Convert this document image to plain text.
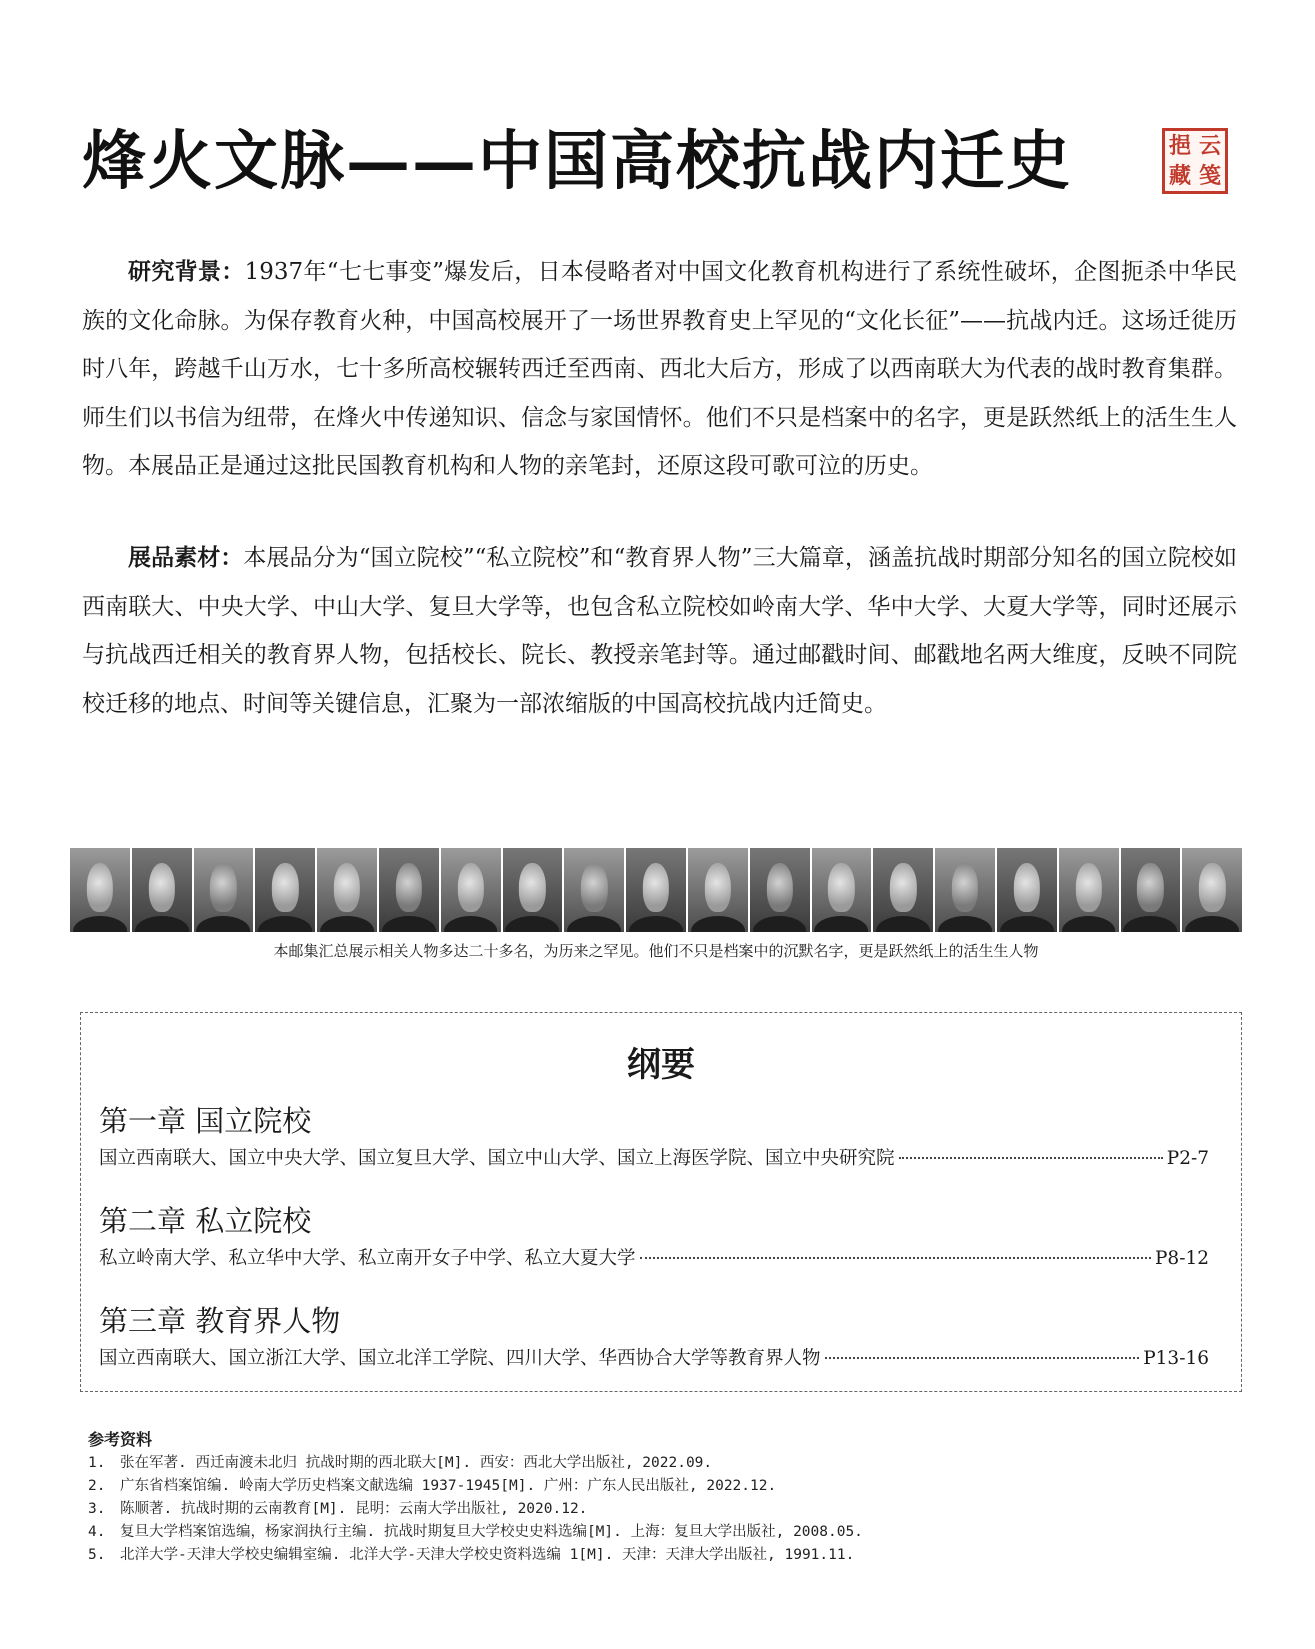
烽火文脉——中国高校抗战内迁史	挹 云
藏 笺

研究背景：1937年“七七事变”爆发后，日本侵略者对中国文化教育机构进行了系统性破坏，企图扼杀中华民族的文化命脉。为保存教育火种，中国高校展开了一场世界教育史上罕见的“文化长征”——抗战内迁。这场迁徙历时八年，跨越千山万水，七十多所高校辗转西迁至西南、西北大后方，形成了以西南联大为代表的战时教育集群。师生们以书信为纽带，在烽火中传递知识、信念与家国情怀。他们不只是档案中的名字，更是跃然纸上的活生生人物。本展品正是通过这批民国教育机构和人物的亲笔封，还原这段可歌可泣的历史。

展品素材：本展品分为“国立院校”“私立院校”和“教育界人物”三大篇章，涵盖抗战时期部分知名的国立院校如西南联大、中央大学、中山大学、复旦大学等，也包含私立院校如岭南大学、华中大学、大夏大学等，同时还展示与抗战西迁相关的教育界人物，包括校长、院长、教授亲笔封等。通过邮戳时间、邮戳地名两大维度，反映不同院校迁移的地点、时间等关键信息，汇聚为一部浓缩版的中国高校抗战内迁简史。

本邮集汇总展示相关人物多达二十多名，为历来之罕见。他们不只是档案中的沉默名字，更是跃然纸上的活生生人物
纲要
第一章 国立院校
国立西南联大、国立中央大学、国立复旦大学、国立中山大学、国立上海医学院、国立中央研究院	P2-7
第二章 私立院校
私立岭南大学、私立华中大学、私立南开女子中学、私立大夏大学	P8-12
第三章 教育界人物
国立西南联大、国立浙江大学、国立北洋工学院、四川大学、华西协合大学等教育界人物	P13-16
参考资料
1. 张在军著. 西迁南渡未北归 抗战时期的西北联大[M]. 西安：西北大学出版社, 2022.09.
2. 广东省档案馆编. 岭南大学历史档案文献选编 1937-1945[M]. 广州：广东人民出版社, 2022.12.
3. 陈顺著. 抗战时期的云南教育[M]. 昆明：云南大学出版社, 2020.12.
4. 复旦大学档案馆选编，杨家润执行主编. 抗战时期复旦大学校史史料选编[M]. 上海：复旦大学出版社, 2008.05.
5. 北洋大学-天津大学校史编辑室编. 北洋大学-天津大学校史资料选编 1[M]. 天津：天津大学出版社, 1991.11.
